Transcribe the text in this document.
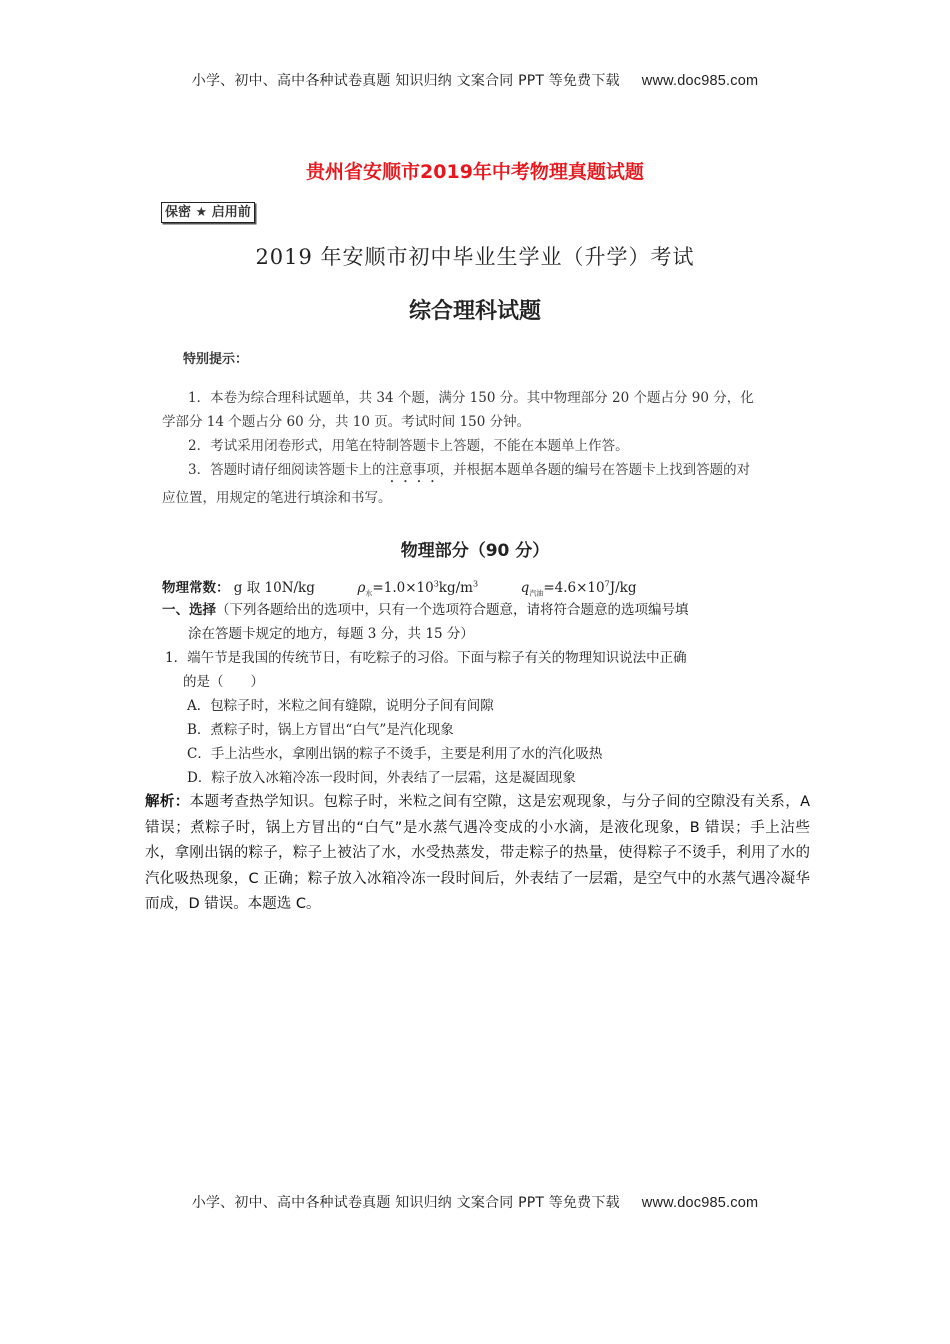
小学、初中、高中各种试卷真题 知识归纳 文案合同 PPT 等免费下载 www.doc985.com
贵州省安顺市2019年中考物理真题试题
保密 ★ 启用前
2019 年安顺市初中毕业生学业（升学）考试
综合理科试题
特别提示：

1．本卷为综合理科试题单，共 34 个题，满分 150 分。其中物理部分 20 个题占分 90 分，化学部分 14 个题占分 60 分，共 10 页。考试时间 150 分钟。

2．考试采用闭卷形式，用笔在特制答题卡上答题，不能在本题单上作答。

3．答题时请仔细阅读答题卡上的注意事项，并根据本题单各题的编号在答题卡上找到答题的对应位置，用规定的笔进行填涂和书写。

物理部分（90 分）
物理常数： g 取 10N/kg	$\rho_水=1.0\times 10^3kg/m^3$	$q_{汽油}=4.6\times 10^7J/kg$

一、选择（下列各题给出的选项中，只有一个选项符合题意，请将符合题意的选项编号填

涂在答题卡规定的地方，每题 3 分，共 15 分）

1．端午节是我国的传统节日，有吃粽子的习俗。下面与粽子有关的物理知识说法中正确

的是（　　）

A．包粽子时，米粒之间有缝隙，说明分子间有间隙

B．煮粽子时，锅上方冒出“白气”是汽化现象

C．手上沾些水，拿刚出锅的粽子不烫手，主要是利用了水的汽化吸热

D．粽子放入冰箱冷冻一段时间，外表结了一层霜，这是凝固现象

解析：本题考查热学知识。包粽子时，米粒之间有空隙，这是宏观现象，与分子间的空隙没有关系，A 错误；煮粽子时，锅上方冒出的“白气”是水蒸气遇冷变成的小水滴，是液化现象，B 错误；手上沾些水，拿刚出锅的粽子，粽子上被沾了水，水受热蒸发，带走粽子的热量，使得粽子不烫手，利用了水的汽化吸热现象，C 正确；粽子放入冰箱冷冻一段时间后，外表结了一层霜，是空气中的水蒸气遇冷凝华而成，D 错误。本题选 C。
小学、初中、高中各种试卷真题 知识归纳 文案合同 PPT 等免费下载 www.doc985.com
